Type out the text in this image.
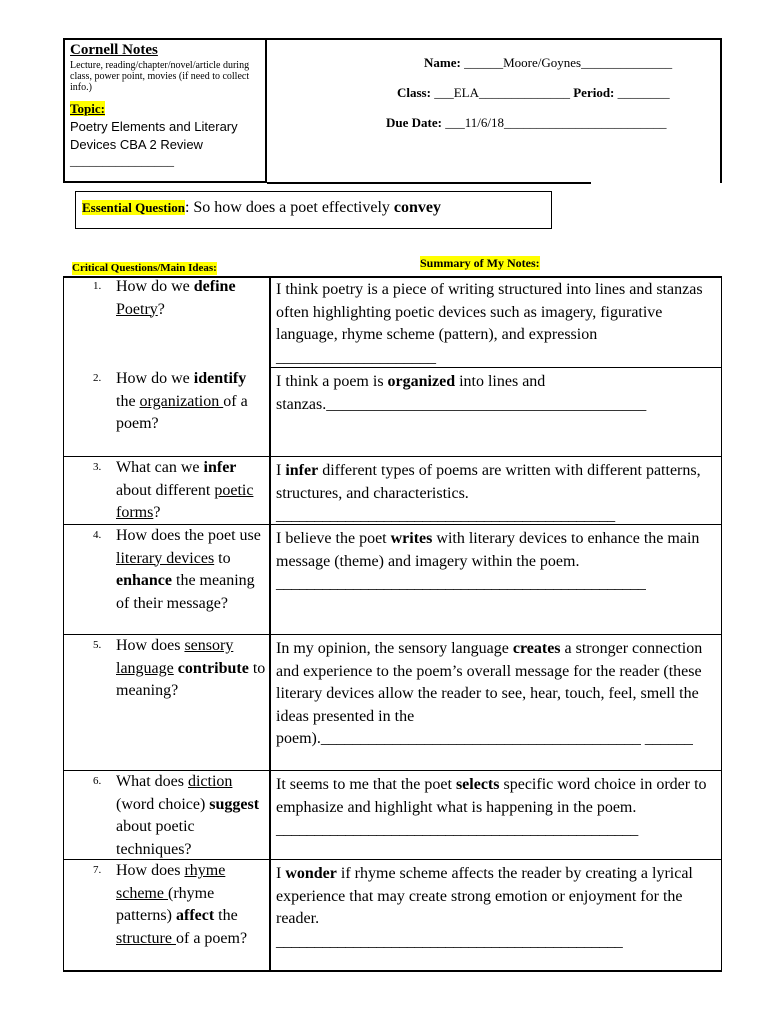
Cornell Notes
Lecture, reading/chapter/novel/article during class, power point, movies (if need to collect info.)
Topic:
Poetry Elements and Literary
Devices CBA 2 Review
________________
Name: ______Moore/Goynes______________
Class: ___ELA______________ Period: ________
Due Date: ___11/6/18_________________________
Essential Question: So how does a poet effectively convey
Critical Questions/Main Ideas:	Summary of My Notes:
1. How do we define Poetry?
I think poetry is a piece of writing structured into lines and stanzas often highlighting poetic devices such as imagery, figurative language, rhyme scheme (pattern), and expression ____________________
2. How do we identify the organization of a poem?
I think a poem is organized into lines and stanzas.________________________________________
3. What can we infer about different poetic forms?
I infer different types of poems are written with different patterns, structures, and characteristics.
____________________________________________
4. How does the poet use literary devices to enhance the meaning of their message?
I believe the poet writes with literary devices to enhance the main message (theme) and imagery within the poem.
________________________________________________
5. How does sensory language contribute to meaning?
In my opinion, the sensory language creates a stronger connection and experience to the poem’s overall message for the reader (these literary devices allow the reader to see, hear, touch, feel, smell the ideas presented in the poem).________________________________________ ______
6. What does diction (word choice) suggest about poetic techniques?
It seems to me that the poet selects specific word choice in order to emphasize and highlight what is happening in the poem.
_______________________________________________
7. How does rhyme scheme (rhyme patterns) affect the structure of a poem?
I wonder if rhyme scheme affects the reader by creating a lyrical experience that may create strong emotion or enjoyment for the reader.
_____________________________________________
